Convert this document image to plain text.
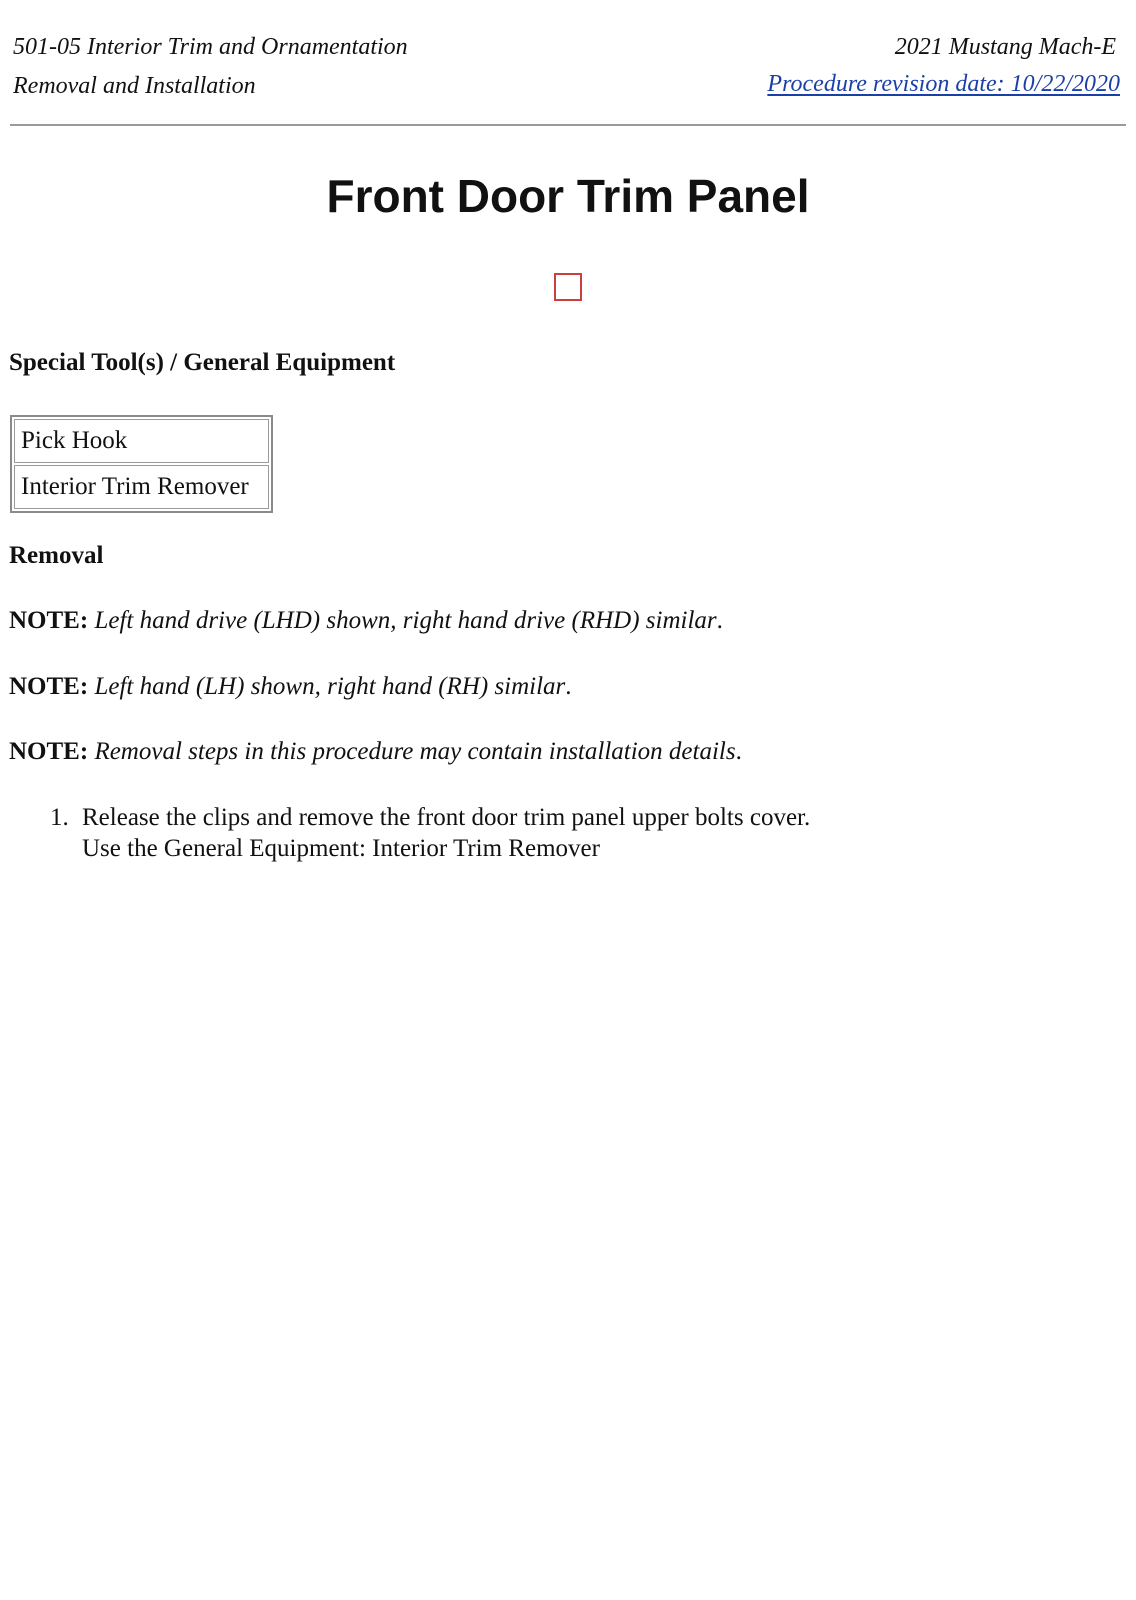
501-05 Interior Trim and Ornamentation
Removal and Installation
2021 Mustang Mach-E
Procedure revision date: 10/22/2020
Front Door Trim Panel
Special Tool(s) / General Equipment
Pick Hook
Interior Trim Remover
Removal

NOTE: Left hand drive (LHD) shown, right hand drive (RHD) similar.

NOTE: Left hand (LH) shown, right hand (RH) similar.

NOTE: Removal steps in this procedure may contain installation details.

1. Release the clips and remove the front door trim panel upper bolts cover.
Use the General Equipment: Interior Trim Remover
